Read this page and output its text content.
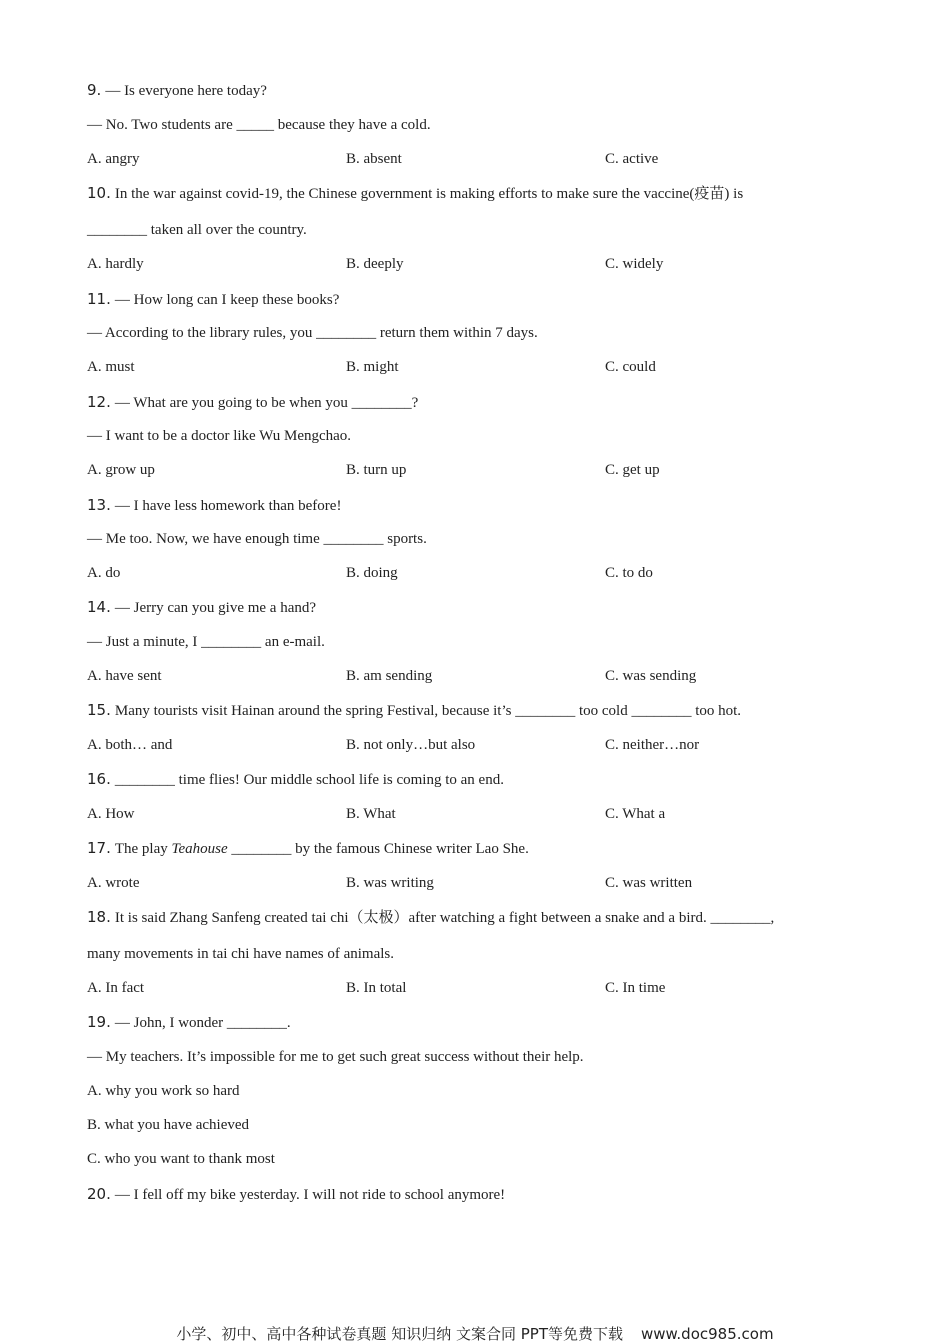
9. — Is everyone here today?
— No. Two students are _____ because they have a cold.
A. angry	B. absent	C. active
10. In the war against covid-19, the Chinese government is making efforts to make sure the vaccine(疫苗) is
________ taken all over the country.
A. hardly	B. deeply	C. widely
11. — How long can I keep these books?
— According to the library rules, you ________ return them within 7 days.
A. must	B. might	C. could
12. — What are you going to be when you ________?
— I want to be a doctor like Wu Mengchao.
A. grow up	B. turn up	C. get up
13. — I have less homework than before!
— Me too. Now, we have enough time ________ sports.
A. do	B. doing	C. to do
14. — Jerry can you give me a hand?
— Just a minute, I ________ an e-mail.
A. have sent	B. am sending	C. was sending
15. Many tourists visit Hainan around the spring Festival, because it’s ________ too cold ________ too hot.
A. both… and	B. not only…but also	C. neither…nor
16. ________ time flies! Our middle school life is coming to an end.
A. How	B. What	C. What a
17. The play Teahouse ________ by the famous Chinese writer Lao She.
A. wrote	B. was writing	C. was written
18. It is said Zhang Sanfeng created tai chi（太极）after watching a fight between a snake and a bird. ________,
many movements in tai chi have names of animals.
A. In fact	B. In total	C. In time
19. — John, I wonder ________.
— My teachers. It’s impossible for me to get such great success without their help.
A. why you work so hard
B. what you have achieved
C. who you want to thank most
20. — I fell off my bike yesterday. I will not ride to school anymore!
小学、初中、高中各种试卷真题 知识归纳 文案合同 PPT等免费下载 www.doc985.com
